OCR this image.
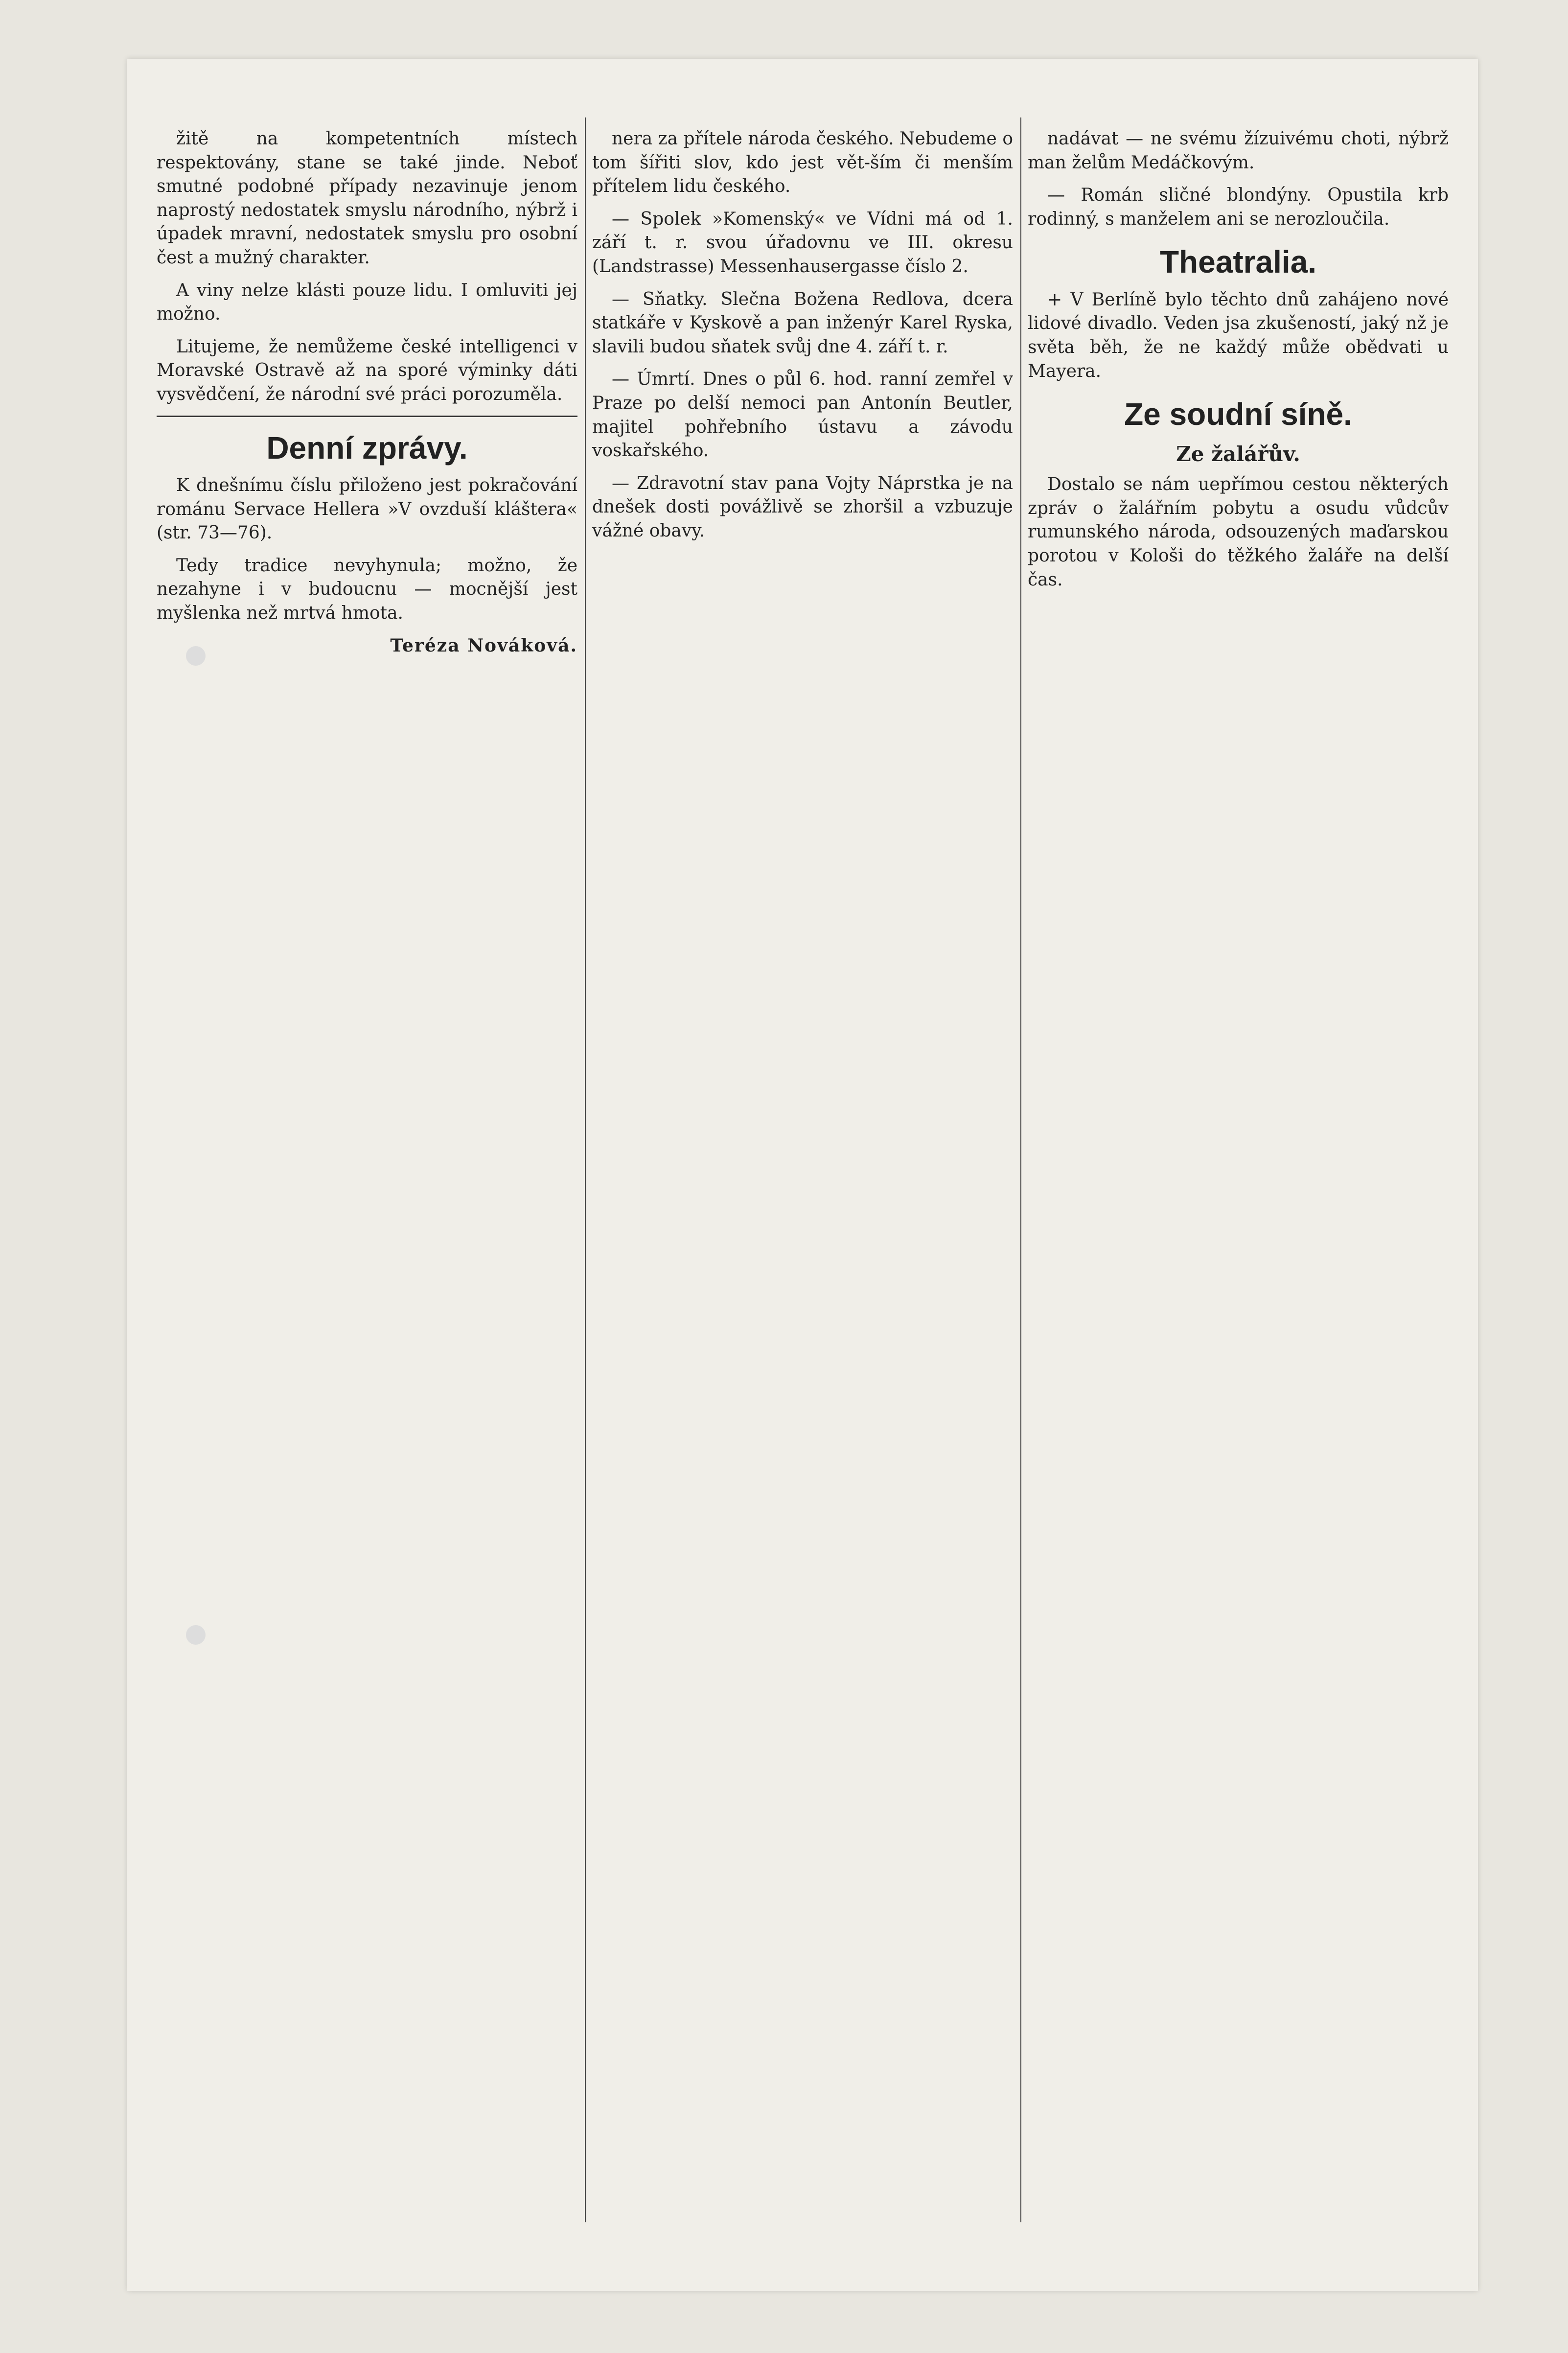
žitě na kompetentních místech respektovány, stane se také jinde. Neboť smutné podobné případy nezavinuje jenom naprostý nedostatek smyslu národního, nýbrž i úpadek mravní, nedostatek smyslu pro osobní čest a mužný charakter.

A viny nelze klásti pouze lidu. I omluviti jej možno.

Litujeme, že nemůžeme české intelligenci v Moravské Ostravě až na sporé výminky dáti vysvědčení, že národní své práci porozuměla.

Denní zprávy.

K dnešnímu číslu přiloženo jest pokračování románu Servace Hellera »V ovzduší kláštera« (str. 73—76).

Tedy tradice nevyhynula; možno, že nezahyne i v budoucnu — mocnější jest myšlenka než mrtvá hmota.

Teréza Nováková.

nera za přítele národa českého. Nebudeme o tom šířiti slov, kdo jest vět-ším či menším přítelem lidu českého.

— Spolek »Komenský« ve Vídni má od 1. září t. r. svou úřadovnu ve III. okresu (Landstrasse) Messenhausergasse číslo 2.

— Sňatky. Slečna Božena Redlova, dcera statkáře v Kyskově a pan inženýr Karel Ryska, slavili budou sňatek svůj dne 4. září t. r.

— Úmrtí. Dnes o půl 6. hod. ranní zemřel v Praze po delší nemoci pan Antonín Beutler, majitel pohřebního ústavu a závodu voskařského.

— Zdravotní stav pana Vojty Náprstka je na dnešek dosti povážlivě se zhoršil a vzbuzuje vážné obavy.

nadávat — ne svému žízuivému choti, nýbrž man želům Medáčkovým.

— Román sličné blondýny. Opustila krb rodinný, s manželem ani se nerozloučila.

Theatralia.

+ V Berlíně bylo těchto dnů zahájeno nové lidové divadlo. Veden jsa zkušeností, jaký nž je světa běh, že ne každý může obědvati u Mayera.

Ze soudní síně.
Ze žalářův.

Dostalo se nám uepřímou cestou některých zpráv o žalářním pobytu a osudu vůdcův rumunského národa, odsouzených maďarskou porotou v Kološi do těžkého žaláře na delší čas.
